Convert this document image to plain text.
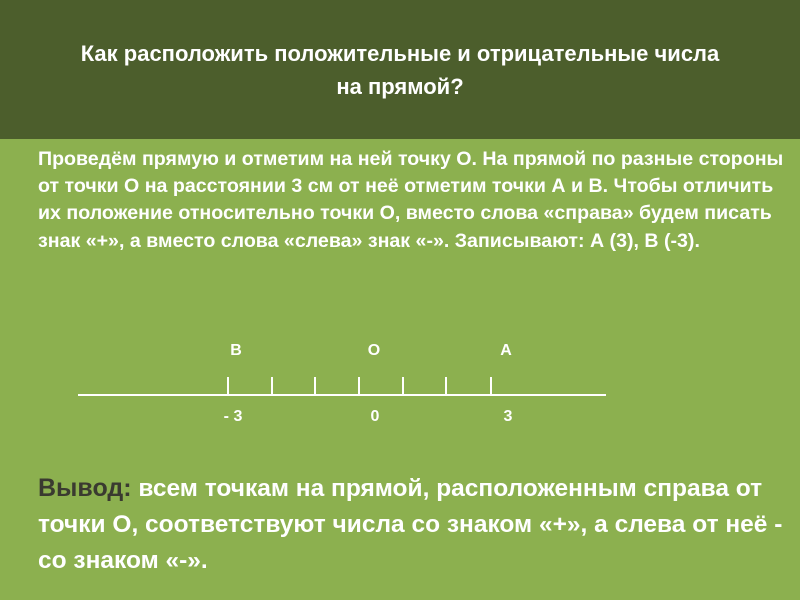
Как расположить положительные и отрицательные числа на прямой?

Проведём прямую и отметим на ней точку О. На прямой по разные стороны от точки О на расстоянии 3 см от неё отметим точки А и В. Чтобы отличить их положение относительно точки О, вместо слова «справа» будем писать знак «+», а вместо слова «слева» знак «-». Записывают: А (3), В (-3).

В	О	А
- 3	0	3

Вывод: всем точкам на прямой, расположенным справа от точки О, соответствуют числа со знаком «+», а слева от неё - со знаком «-».
